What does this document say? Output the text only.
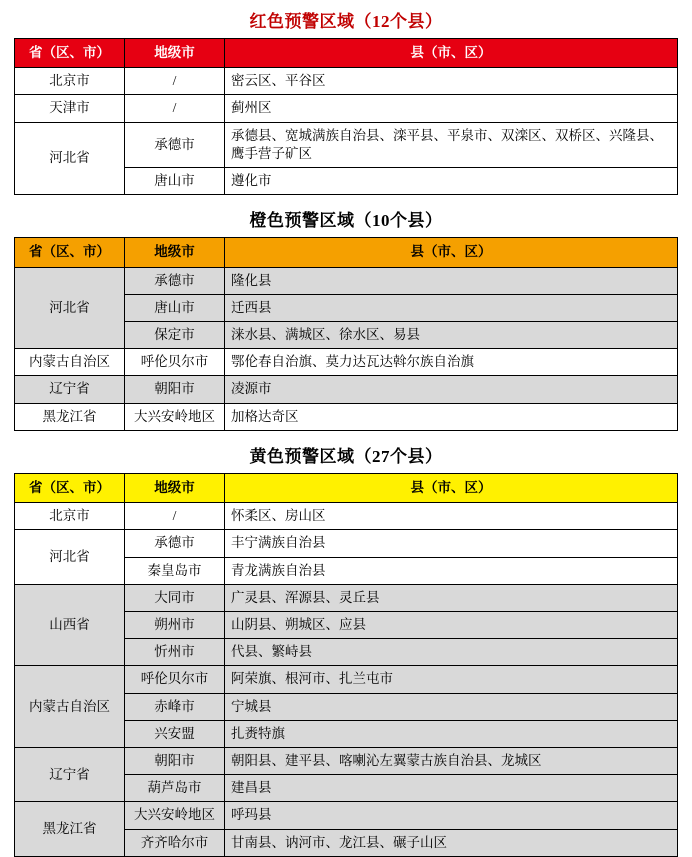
红色预警区域（12个县）
省（区、市）	地级市	县（市、区）
北京市	/	密云区、平谷区
天津市	/	蓟州区
河北省	承德市	承德县、宽城满族自治县、滦平县、平泉市、双滦区、双桥区、兴隆县、鹰手营子矿区
	唐山市	遵化市
橙色预警区域（10个县）
省（区、市）	地级市	县（市、区）
河北省	承德市	隆化县
	唐山市	迁西县
	保定市	涞水县、满城区、徐水区、易县
内蒙古自治区	呼伦贝尔市	鄂伦春自治旗、莫力达瓦达斡尔族自治旗
辽宁省	朝阳市	凌源市
黑龙江省	大兴安岭地区	加格达奇区
黄色预警区域（27个县）
省（区、市）	地级市	县（市、区）
北京市	/	怀柔区、房山区
河北省	承德市	丰宁满族自治县
	秦皇岛市	青龙满族自治县
山西省	大同市	广灵县、浑源县、灵丘县
	朔州市	山阴县、朔城区、应县
	忻州市	代县、繁峙县
内蒙古自治区	呼伦贝尔市	阿荣旗、根河市、扎兰屯市
	赤峰市	宁城县
	兴安盟	扎赉特旗
辽宁省	朝阳市	朝阳县、建平县、喀喇沁左翼蒙古族自治县、龙城区
	葫芦岛市	建昌县
黑龙江省	大兴安岭地区	呼玛县
	齐齐哈尔市	甘南县、讷河市、龙江县、碾子山区
